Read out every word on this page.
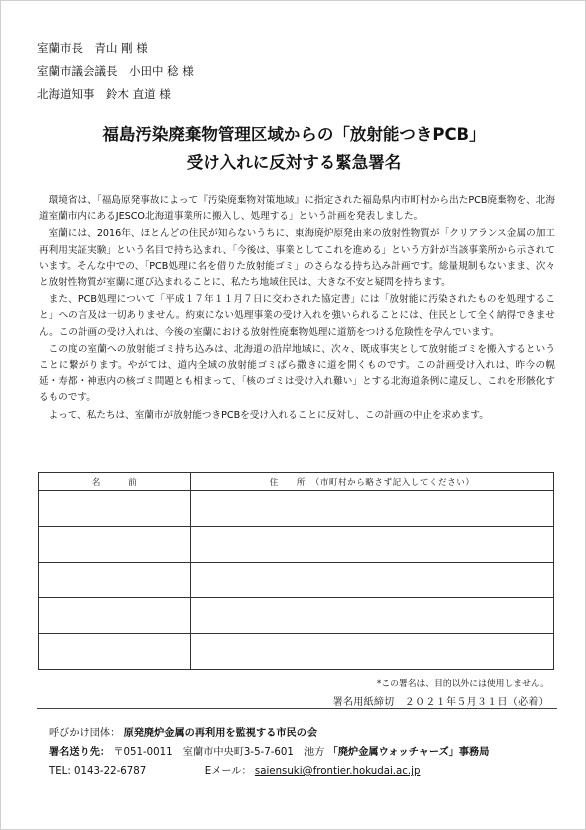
室蘭市長　青山 剛 様
室蘭市議会議長　小田中 稔 様
北海道知事　鈴木 直道 様
福島汚染廃棄物管理区域からの「放射能つきPCB」
受け入れに反対する緊急署名

環境省は、「福島原発事故によって『汚染廃棄物対策地域』に指定された福島県内市町村から出たPCB廃棄物を、北海道室蘭市内にあるJESCO北海道事業所に搬入し、処理する」という計画を発表しました。

室蘭には、2016年、ほとんどの住民が知らないうちに、東海廃炉原発由来の放射性物質が「クリアランス金属の加工再利用実証実験」という名目で持ち込まれ、「今後は、事業としてこれを進める」という方針が当該事業所から示されています。そんな中での、「PCB処理に名を借りた放射能ゴミ」のさらなる持ち込み計画です。総量規制もないまま、次々と放射性物質が室蘭に運び込まれることに、私たち地域住民は、大きな不安と疑問を持ちます。

また、PCB処理について「平成１７年１１月７日に交わされた協定書」には「放射能に汚染されたものを処理すること」への言及は一切ありません。約束にない処理事業の受け入れを強いられることには、住民として全く納得できません。この計画の受け入れは、今後の室蘭における放射性廃棄物処理に道筋をつける危険性を孕んでいます。

この度の室蘭への放射能ゴミ持ち込みは、北海道の沿岸地域に、次々、既成事実として放射能ゴミを搬入するということに繋がります。やがては、道内全域の放射能ゴミばら撒きに道を開くものです。この計画受け入れは、昨今の幌延・寿都・神恵内の核ゴミ問題とも相まって、「核のゴミは受け入れ難い」とする北海道条例に違反し、これを形骸化するものです。

よって、私たちは、室蘭市が放射能つきPCBを受け入れることに反対し、この計画の中止を求めます。

名　　　前	住　　所　（市町村から略さず記入してください）

*この署名は、目的以外には使用しません。
署名用紙締切　２０２１年５月３１日（必着）
呼びかけ団体： 原発廃炉金属の再利用を監視する市民の会
署名送り先： 〒051-0011　室蘭市中央町3-5-7-601　池方 「廃炉金属ウォッチャーズ」事務局
TEL: 0143-22-6787	Eメール： saiensuki@frontier.hokudai.ac.jp
